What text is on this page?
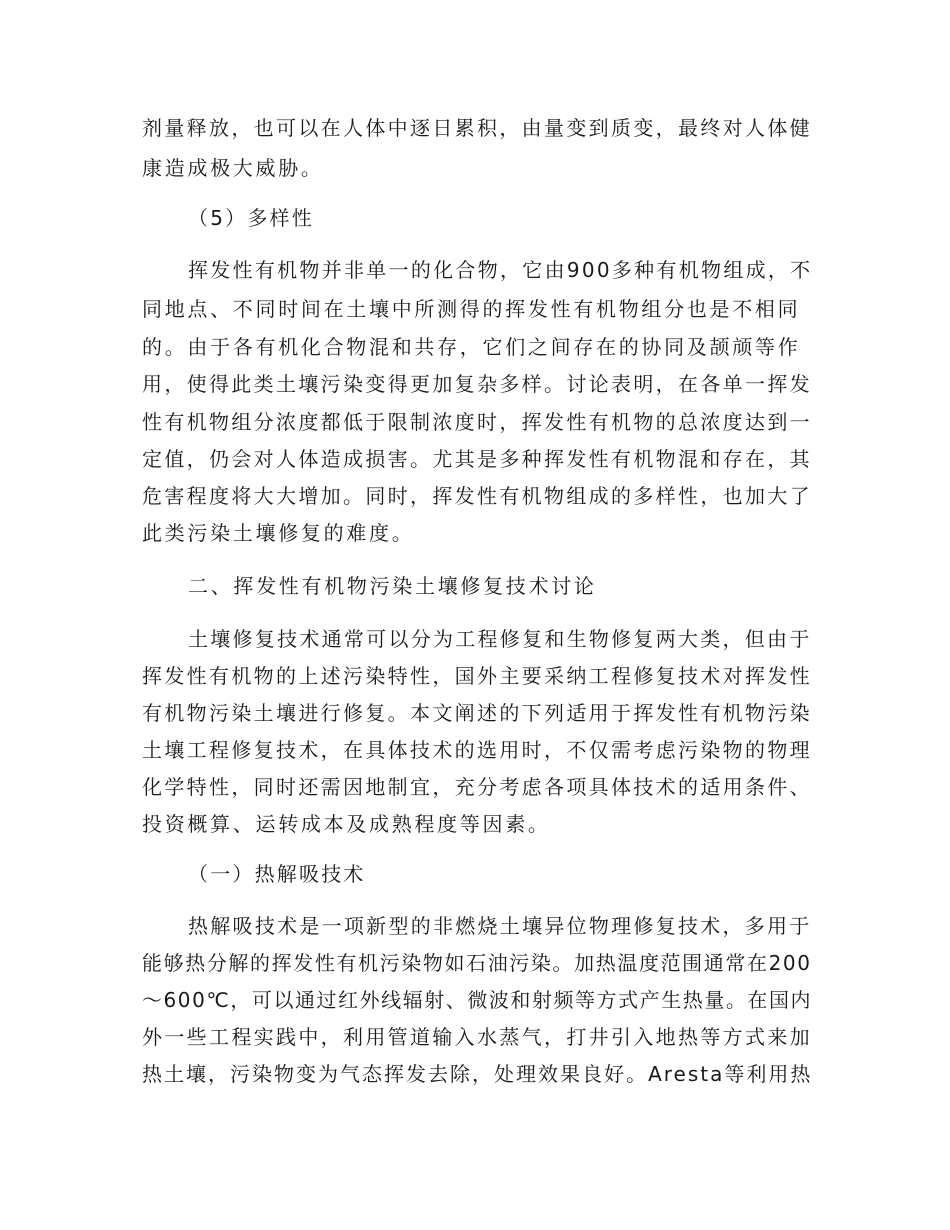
剂量释放，也可以在人体中逐日累积，由量变到质变，最终对人体健
康造成极大威胁。
（5）多样性
挥发性有机物并非单一的化合物，它由900多种有机物组成，不
同地点、不同时间在土壤中所测得的挥发性有机物组分也是不相同
的。由于各有机化合物混和共存，它们之间存在的协同及颉颃等作
用，使得此类土壤污染变得更加复杂多样。讨论表明，在各单一挥发
性有机物组分浓度都低于限制浓度时，挥发性有机物的总浓度达到一
定值，仍会对人体造成损害。尤其是多种挥发性有机物混和存在，其
危害程度将大大增加。同时，挥发性有机物组成的多样性，也加大了
此类污染土壤修复的难度。
二、挥发性有机物污染土壤修复技术讨论
土壤修复技术通常可以分为工程修复和生物修复两大类，但由于
挥发性有机物的上述污染特性，国外主要采纳工程修复技术对挥发性
有机物污染土壤进行修复。本文阐述的下列适用于挥发性有机物污染
土壤工程修复技术，在具体技术的选用时，不仅需考虑污染物的物理
化学特性，同时还需因地制宜，充分考虑各项具体技术的适用条件、
投资概算、运转成本及成熟程度等因素。
（一）热解吸技术
热解吸技术是一项新型的非燃烧土壤异位物理修复技术，多用于
能够热分解的挥发性有机污染物如石油污染。加热温度范围通常在200
～600℃，可以通过红外线辐射、微波和射频等方式产生热量。在国内
外一些工程实践中，利用管道输入水蒸气，打井引入地热等方式来加
热土壤，污染物变为气态挥发去除，处理效果良好。Aresta等利用热
